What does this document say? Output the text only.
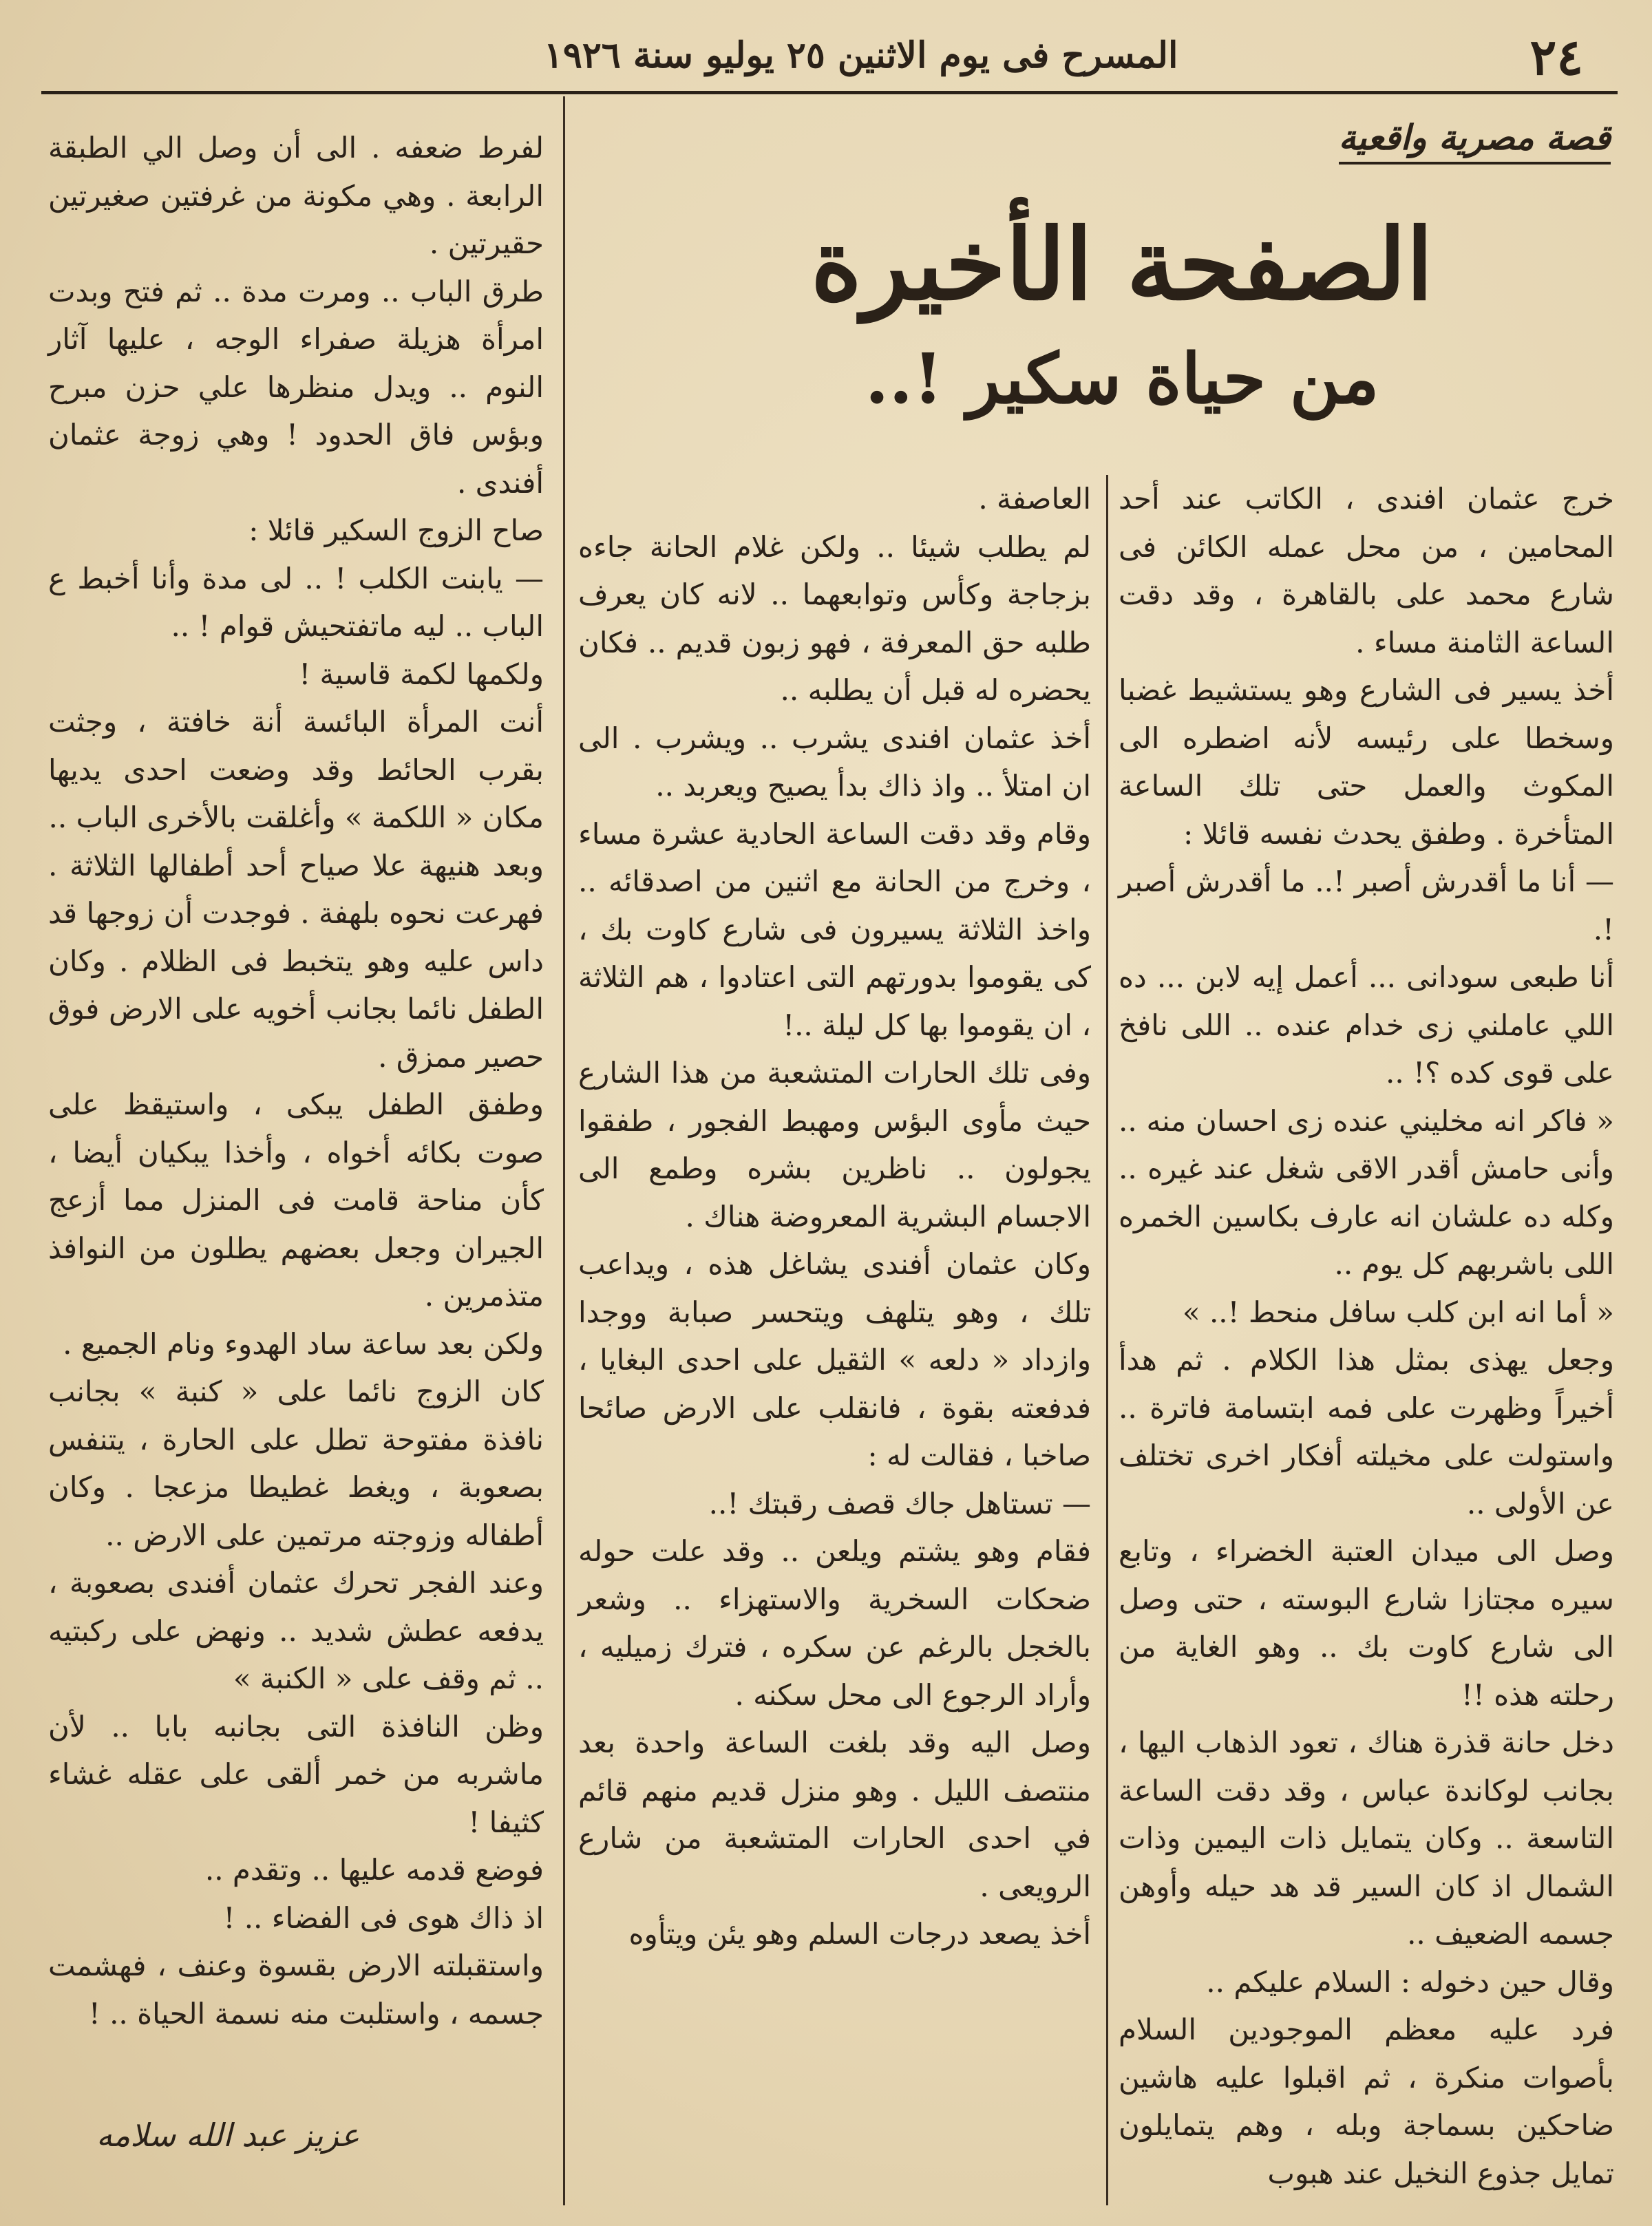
٢٤
المسرح فى يوم الاثنين ٢٥ يوليو سنة ١٩٢٦
قصة مصرية واقعية
الصفحة الأخيرة
من حياة سكير !..

خرج عثمان افندى ، الكاتب عند أحد المحامين ، من محل عمله الكائن فى شارع محمد على بالقاهرة ، وقد دقت الساعة الثامنة مساء .

أخذ يسير فى الشارع وهو يستشيط غضبا وسخطا على رئيسه لأنه اضطره الى المكوث والعمل حتى تلك الساعة المتأخرة . وطفق يحدث نفسه قائلا :

— أنا ما أقدرش أصبر !.. ما أقدرش أصبر !.

أنا طبعى سودانى ... أعمل إيه لابن ... ده اللي عاملني زى خدام عنده .. اللى نافخ على قوى كده ؟! ..

« فاكر انه مخليني عنده زى احسان منه .. وأنى حامش أقدر الاقى شغل عند غيره .. وكله ده علشان انه عارف بكاسين الخمره اللى باشربهم كل يوم ..

« أما انه ابن كلب سافل منحط !.. »

وجعل يهذى بمثل هذا الكلام . ثم هدأ أخيراً وظهرت على فمه ابتسامة فاترة .. واستولت على مخيلته أفكار اخرى تختلف عن الأولى ..

وصل الى ميدان العتبة الخضراء ، وتابع سيره مجتازا شارع البوسته ، حتى وصل الى شارع كاوت بك .. وهو الغاية من رحلته هذه !!

دخل حانة قذرة هناك ، تعود الذهاب اليها ، بجانب لوكاندة عباس ، وقد دقت الساعة التاسعة .. وكان يتمايل ذات اليمين وذات الشمال اذ كان السير قد هد حيله وأوهن جسمه الضعيف ..

وقال حين دخوله : السلام عليكم ..

فرد عليه معظم الموجودين السلام بأصوات منكرة ، ثم اقبلوا عليه هاشين ضاحكين بسماجة وبله ، وهم يتمايلون تمايل جذوع النخيل عند هبوب

العاصفة .

لم يطلب شيئا .. ولكن غلام الحانة جاءه بزجاجة وكأس وتوابعهما .. لانه كان يعرف طلبه حق المعرفة ، فهو زبون قديم .. فكان يحضره له قبل أن يطلبه ..

أخذ عثمان افندى يشرب .. ويشرب . الى ان امتلأ .. واذ ذاك بدأ يصيح ويعربد ..

وقام وقد دقت الساعة الحادية عشرة مساء ، وخرج من الحانة مع اثنين من اصدقائه .. واخذ الثلاثة يسيرون فى شارع كاوت بك ، كى يقوموا بدورتهم التى اعتادوا ، هم الثلاثة ، ان يقوموا بها كل ليلة ..!

وفى تلك الحارات المتشعبة من هذا الشارع حيث مأوى البؤس ومهبط الفجور ، طفقوا يجولون .. ناظرين بشره وطمع الى الاجسام البشرية المعروضة هناك .

وكان عثمان أفندى يشاغل هذه ، ويداعب تلك ، وهو يتلهف ويتحسر صبابة ووجدا وازداد « دلعه » الثقيل على احدى البغايا ، فدفعته بقوة ، فانقلب على الارض صائحا صاخبا ، فقالت له :

— تستاهل جاك قصف رقبتك !..

فقام وهو يشتم ويلعن .. وقد علت حوله ضحكات السخرية والاستهزاء .. وشعر بالخجل بالرغم عن سكره ، فترك زميليه ، وأراد الرجوع الى محل سكنه .

وصل اليه وقد بلغت الساعة واحدة بعد منتصف الليل . وهو منزل قديم منهم قائم في احدى الحارات المتشعبة من شارع الرويعى .

أخذ يصعد درجات السلم وهو يئن ويتأوه

لفرط ضعفه . الى أن وصل الي الطبقة الرابعة . وهي مكونة من غرفتين صغيرتين حقيرتين .

طرق الباب .. ومرت مدة .. ثم فتح وبدت امرأة هزيلة صفراء الوجه ، عليها آثار النوم .. ويدل منظرها علي حزن مبرح وبؤس فاق الحدود ! وهي زوجة عثمان أفندى .

صاح الزوج السكير قائلا :

— يابنت الكلب ! .. لى مدة وأنا أخبط ع الباب .. ليه ماتفتحيش قوام ! ..

ولكمها لكمة قاسية !

أنت المرأة البائسة أنة خافتة ، وجثت بقرب الحائط وقد وضعت احدى يديها مكان « اللكمة » وأغلقت بالأخرى الباب ..

وبعد هنيهة علا صياح أحد أطفالها الثلاثة . فهرعت نحوه بلهفة . فوجدت أن زوجها قد داس عليه وهو يتخبط فى الظلام . وكان الطفل نائما بجانب أخويه على الارض فوق حصير ممزق .

وطفق الطفل يبكى ، واستيقظ على صوت بكائه أخواه ، وأخذا يبكيان أيضا ، كأن مناحة قامت فى المنزل مما أزعج الجيران وجعل بعضهم يطلون من النوافذ متذمرين .

ولكن بعد ساعة ساد الهدوء ونام الجميع .

كان الزوج نائما على « كنبة » بجانب نافذة مفتوحة تطل على الحارة ، يتنفس بصعوبة ، ويغط غطيطا مزعجا . وكان أطفاله وزوجته مرتمين على الارض ..

وعند الفجر تحرك عثمان أفندى بصعوبة ، يدفعه عطش شديد .. ونهض على ركبتيه .. ثم وقف على « الكنبة »

وظن النافذة التى بجانبه بابا .. لأن ماشربه من خمر ألقى على عقله غشاء كثيفا !

فوضع قدمه عليها .. وتقدم ..

اذ ذاك هوى فى الفضاء .. !

واستقبلته الارض بقسوة وعنف ، فهشمت جسمه ، واستلبت منه نسمة الحياة .. !

عزيز عبد الله سلامه
